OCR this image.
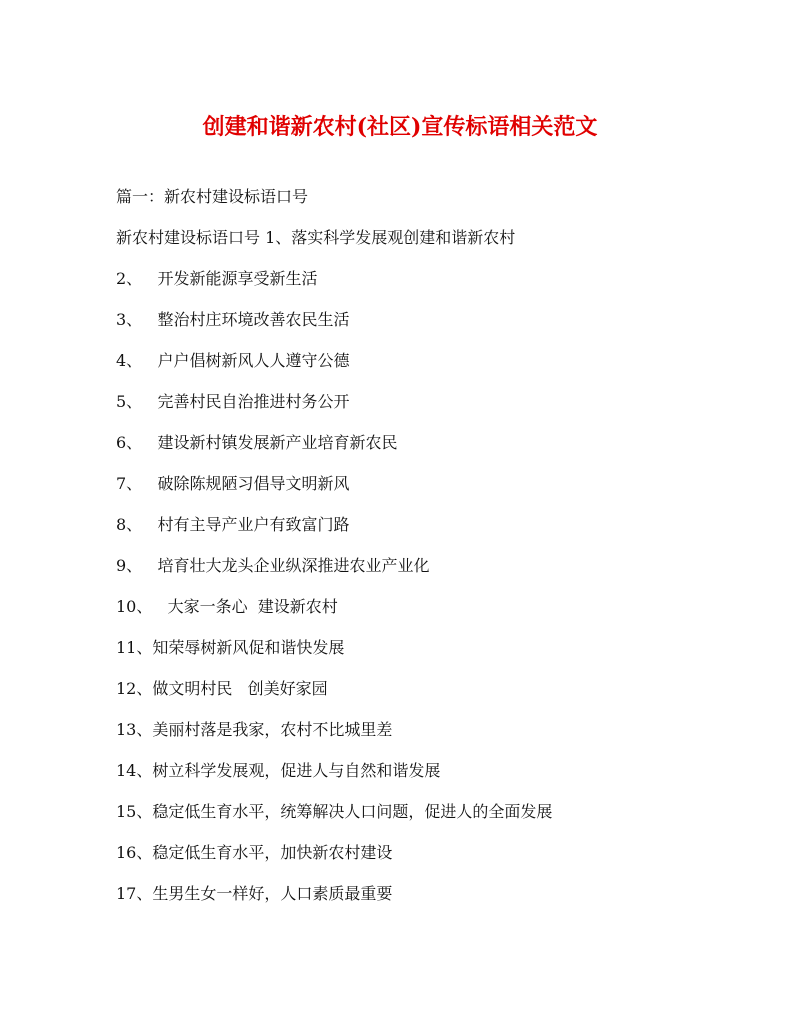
创建和谐新农村(社区)宣传标语相关范文
篇一：新农村建设标语口号
新农村建设标语口号 1、落实科学发展观创建和谐新农村
2、   开发新能源享受新生活
3、   整治村庄环境改善农民生活
4、   户户倡树新风人人遵守公德
5、   完善村民自治推进村务公开
6、   建设新村镇发展新产业培育新农民
7、   破除陈规陋习倡导文明新风
8、   村有主导产业户有致富门路
9、   培育壮大龙头企业纵深推进农业产业化
10、   大家一条心  建设新农村
11、知荣辱树新风促和谐快发展
12、做文明村民   创美好家园
13、美丽村落是我家，农村不比城里差
14、树立科学发展观，促进人与自然和谐发展
15、稳定低生育水平，统筹解决人口问题，促进人的全面发展
16、稳定低生育水平，加快新农村建设
17、生男生女一样好，人口素质最重要
